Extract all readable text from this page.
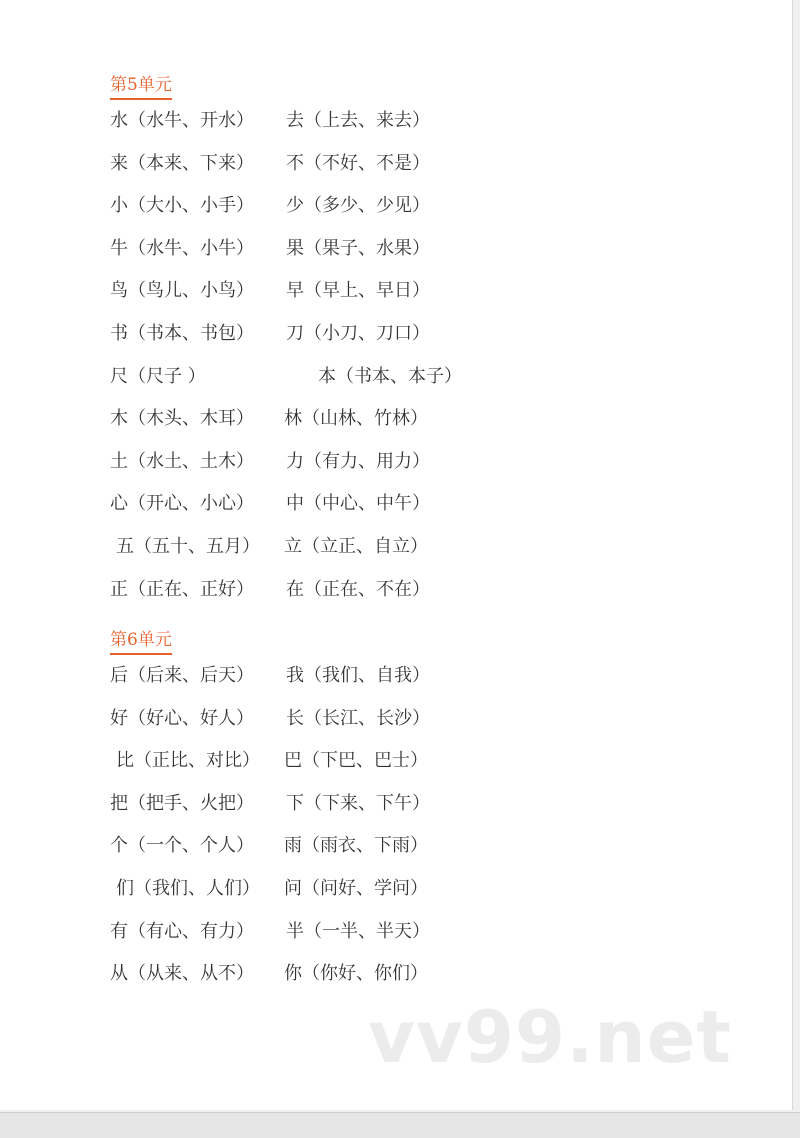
第5单元
水（水牛、开水） 去（上去、来去）
来（本来、下来） 不（不好、不是）
小（大小、小手） 少（多少、少见）
牛（水牛、小牛） 果（果子、水果）
鸟（鸟儿、小鸟） 早（早上、早日）
书（书本、书包） 刀（小刀、刀口）
尺（尺子 ）	本（书本、本子）
木（木头、木耳） 林（山林、竹林）
土（水土、土木） 力（有力、用力）
心（开心、小心） 中（中心、中午）
五（五十、五月） 立（立正、自立）
正（正在、正好） 在（正在、不在）
第6单元
后（后来、后天） 我（我们、自我）
好（好心、好人） 长（长江、长沙）
比（正比、对比） 巴（下巴、巴士）
把（把手、火把） 下（下来、下午）
个（一个、个人） 雨（雨衣、下雨）
们（我们、人们） 问（问好、学问）
有（有心、有力） 半（一半、半天）
从（从来、从不） 你（你好、你们）
vv99.net
